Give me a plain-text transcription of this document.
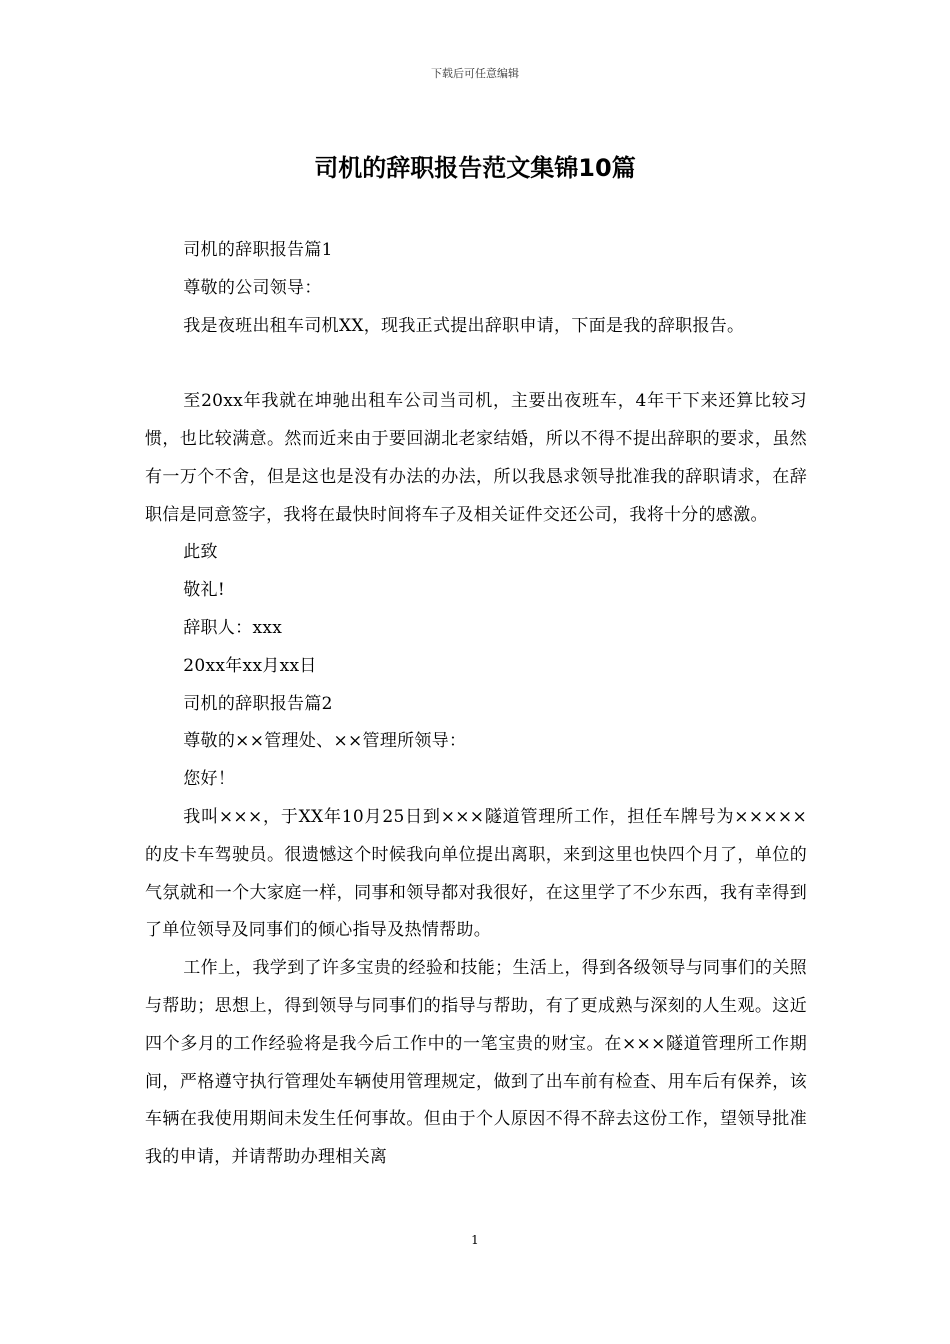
下载后可任意编辑
司机的辞职报告范文集锦10篇

司机的辞职报告篇1

尊敬的公司领导：

我是夜班出租车司机XX，现我正式提出辞职申请，下面是我的辞职报告。

至20xx年我就在坤驰出租车公司当司机，主要出夜班车，4年干下来还算比较习惯，也比较满意。然而近来由于要回湖北老家结婚，所以不得不提出辞职的要求，虽然有一万个不舍，但是这也是没有办法的办法，所以我恳求领导批准我的辞职请求，在辞职信是同意签字，我将在最快时间将车子及相关证件交还公司，我将十分的感激。

此致

敬礼!

辞职人：xxx

20xx年xx月xx日

司机的辞职报告篇2

尊敬的××管理处、××管理所领导：

您好！

我叫×××，于XX年10月25日到×××隧道管理所工作，担任车牌号为×××××的皮卡车驾驶员。很遗憾这个时候我向单位提出离职，来到这里也快四个月了，单位的气氛就和一个大家庭一样，同事和领导都对我很好，在这里学了不少东西，我有幸得到了单位领导及同事们的倾心指导及热情帮助。

工作上，我学到了许多宝贵的经验和技能；生活上，得到各级领导与同事们的关照与帮助；思想上，得到领导与同事们的指导与帮助，有了更成熟与深刻的人生观。这近四个多月的工作经验将是我今后工作中的一笔宝贵的财宝。在×××隧道管理所工作期间，严格遵守执行管理处车辆使用管理规定，做到了出车前有检查、用车后有保养，该车辆在我使用期间未发生任何事故。但由于个人原因不得不辞去这份工作，望领导批准我的申请，并请帮助办理相关离

1
